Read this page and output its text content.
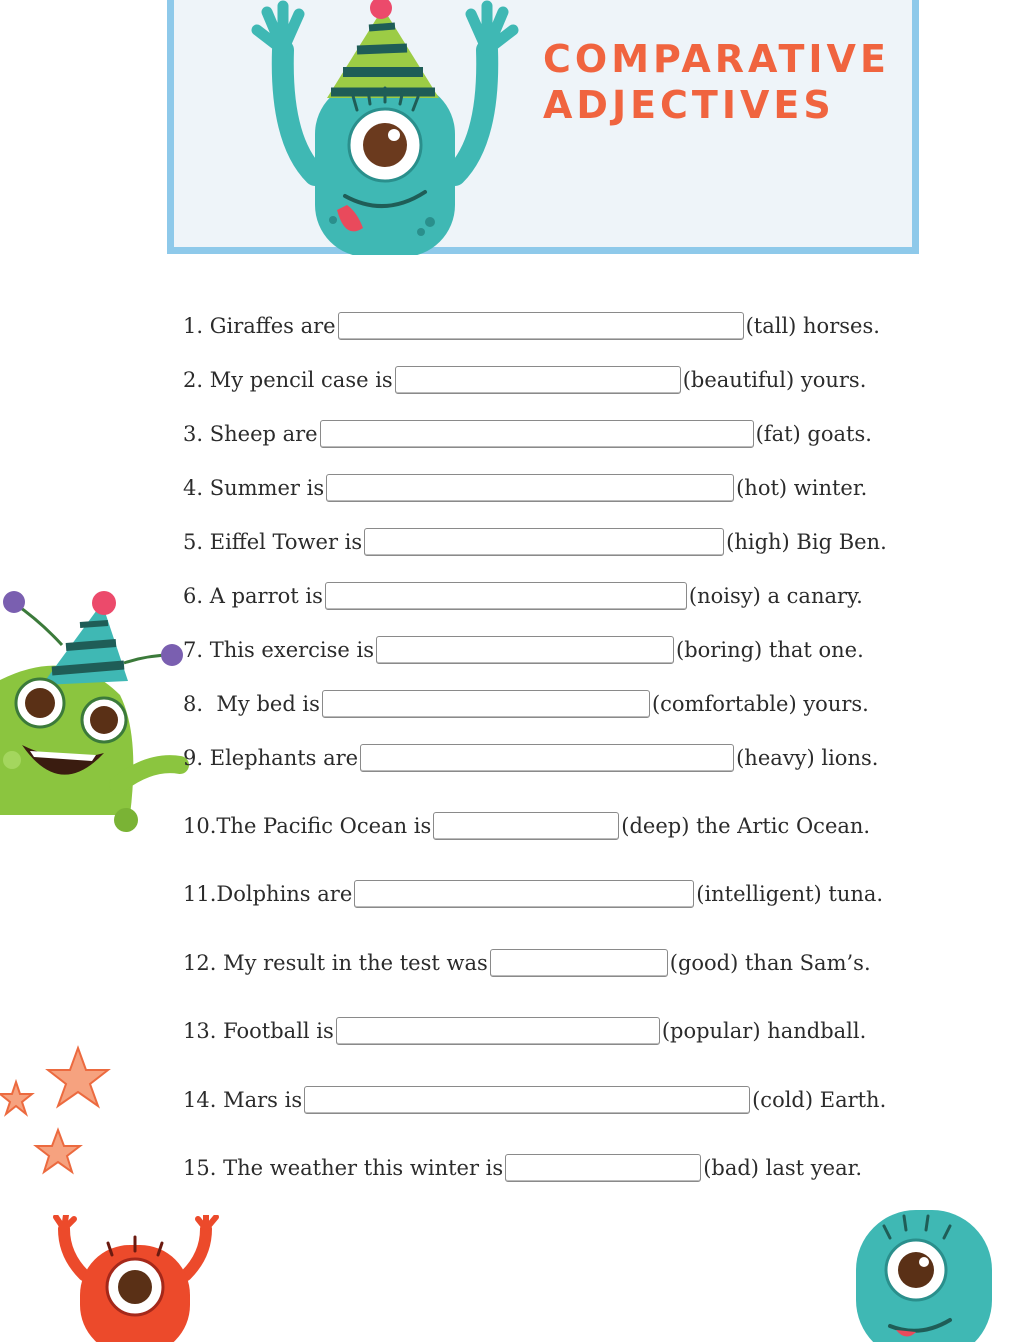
COMPARATIVE
ADJECTIVES
1.
Giraffes are	(tall) horses.
2.
My pencil case is	(beautiful) yours.
3.
Sheep are	(fat) goats.
4.
Summer is	(hot) winter.
5.
Eiffel Tower is	(high) Big Ben.
6.
A parrot is	(noisy) a canary.
7.
This exercise is	(boring) that one.
8.
My bed is	(comfortable) yours.
9.
Elephants are	(heavy) lions.
10. The Pacific Ocean is	(deep) the Artic Ocean.
11. Dolphins are	(intelligent) tuna.
12.
My result in the test was	(good) than Sam’s.
13.
Football is	(popular) handball.
14.
Mars is	(cold) Earth.
15.
The weather this winter is	(bad) last year.
